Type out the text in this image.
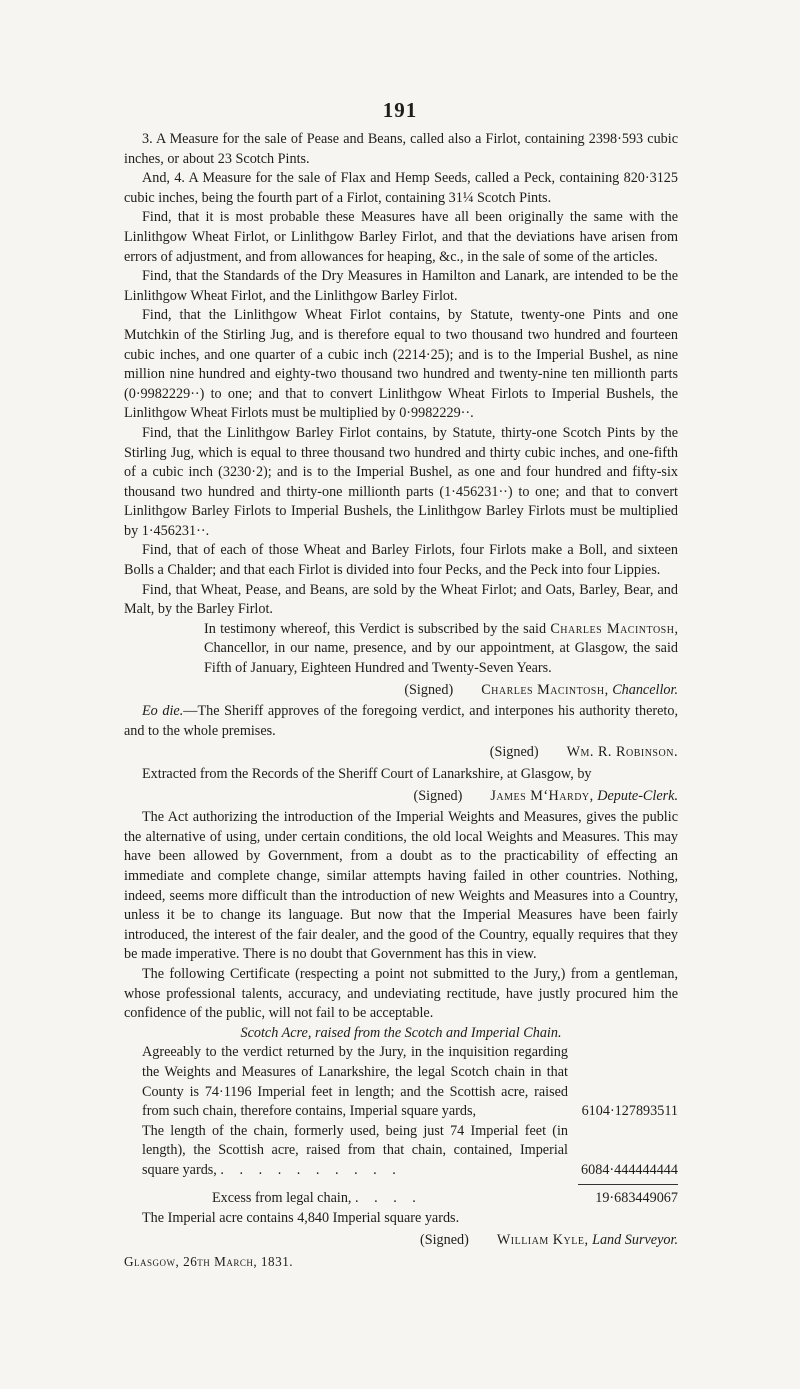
191

3. A Measure for the sale of Pease and Beans, called also a Firlot, containing 2398·593 cubic inches, or about 23 Scotch Pints.

And, 4. A Measure for the sale of Flax and Hemp Seeds, called a Peck, containing 820·3125 cubic inches, being the fourth part of a Firlot, containing 31¼ Scotch Pints.

Find, that it is most probable these Measures have all been originally the same with the Linlithgow Wheat Firlot, or Linlithgow Barley Firlot, and that the deviations have arisen from errors of adjustment, and from allowances for heaping, &c., in the sale of some of the articles.

Find, that the Standards of the Dry Measures in Hamilton and Lanark, are intended to be the Linlithgow Wheat Firlot, and the Linlithgow Barley Firlot.

Find, that the Linlithgow Wheat Firlot contains, by Statute, twenty-one Pints and one Mutchkin of the Stirling Jug, and is therefore equal to two thousand two hundred and fourteen cubic inches, and one quarter of a cubic inch (2214·25); and is to the Imperial Bushel, as nine million nine hundred and eighty-two thousand two hundred and twenty-nine ten millionth parts (0·9982229··) to one; and that to convert Linlithgow Wheat Firlots to Imperial Bushels, the Linlithgow Wheat Firlots must be multiplied by 0·9982229··.

Find, that the Linlithgow Barley Firlot contains, by Statute, thirty-one Scotch Pints by the Stirling Jug, which is equal to three thousand two hundred and thirty cubic inches, and one-fifth of a cubic inch (3230·2); and is to the Imperial Bushel, as one and four hundred and fifty-six thousand two hundred and thirty-one millionth parts (1·456231··) to one; and that to convert Linlithgow Barley Firlots to Imperial Bushels, the Linlithgow Barley Firlots must be multiplied by 1·456231··.

Find, that of each of those Wheat and Barley Firlots, four Firlots make a Boll, and sixteen Bolls a Chalder; and that each Firlot is divided into four Pecks, and the Peck into four Lippies.

Find, that Wheat, Pease, and Beans, are sold by the Wheat Firlot; and Oats, Barley, Bear, and Malt, by the Barley Firlot.

In testimony whereof, this Verdict is subscribed by the said Charles Macintosh, Chancellor, in our name, presence, and by our appointment, at Glasgow, the said Fifth of January, Eighteen Hundred and Twenty-Seven Years.

(Signed) Charles Macintosh, Chancellor.

Eo die.—The Sheriff approves of the foregoing verdict, and interpones his authority thereto, and to the whole premises.

(Signed) Wm. R. Robinson.

Extracted from the Records of the Sheriff Court of Lanarkshire, at Glasgow, by

(Signed) James M‘Hardy, Depute-Clerk.

The Act authorizing the introduction of the Imperial Weights and Measures, gives the public the alternative of using, under certain conditions, the old local Weights and Measures. This may have been allowed by Government, from a doubt as to the practicability of effecting an immediate and complete change, similar attempts having failed in other countries. Nothing, indeed, seems more difficult than the introduction of new Weights and Measures into a Country, unless it be to change its language. But now that the Imperial Measures have been fairly introduced, the interest of the fair dealer, and the good of the Country, equally requires that they be made imperative. There is no doubt that Government has this in view.

The following Certificate (respecting a point not submitted to the Jury,) from a gentleman, whose professional talents, accuracy, and undeviating rectitude, have justly procured him the confidence of the public, will not fail to be acceptable.

Scotch Acre, raised from the Scotch and Imperial Chain.

Agreeably to the verdict returned by the Jury, in the inquisition regarding the Weights and Measures of Lanarkshire, the legal Scotch chain in that County is 74·1196 Imperial feet in length; and the Scottish acre, raised from such chain, therefore contains, Imperial square yards,	6104·127893511
The length of the chain, formerly used, being just 74 Imperial feet (in length), the Scottish acre, raised from that chain, contained, Imperial square yards, . . . . . . . . . .	6084·444444444
Excess from legal chain, . . . .	19·683449067

The Imperial acre contains 4,840 Imperial square yards.

(Signed) William Kyle, Land Surveyor.

Glasgow, 26th March, 1831.
